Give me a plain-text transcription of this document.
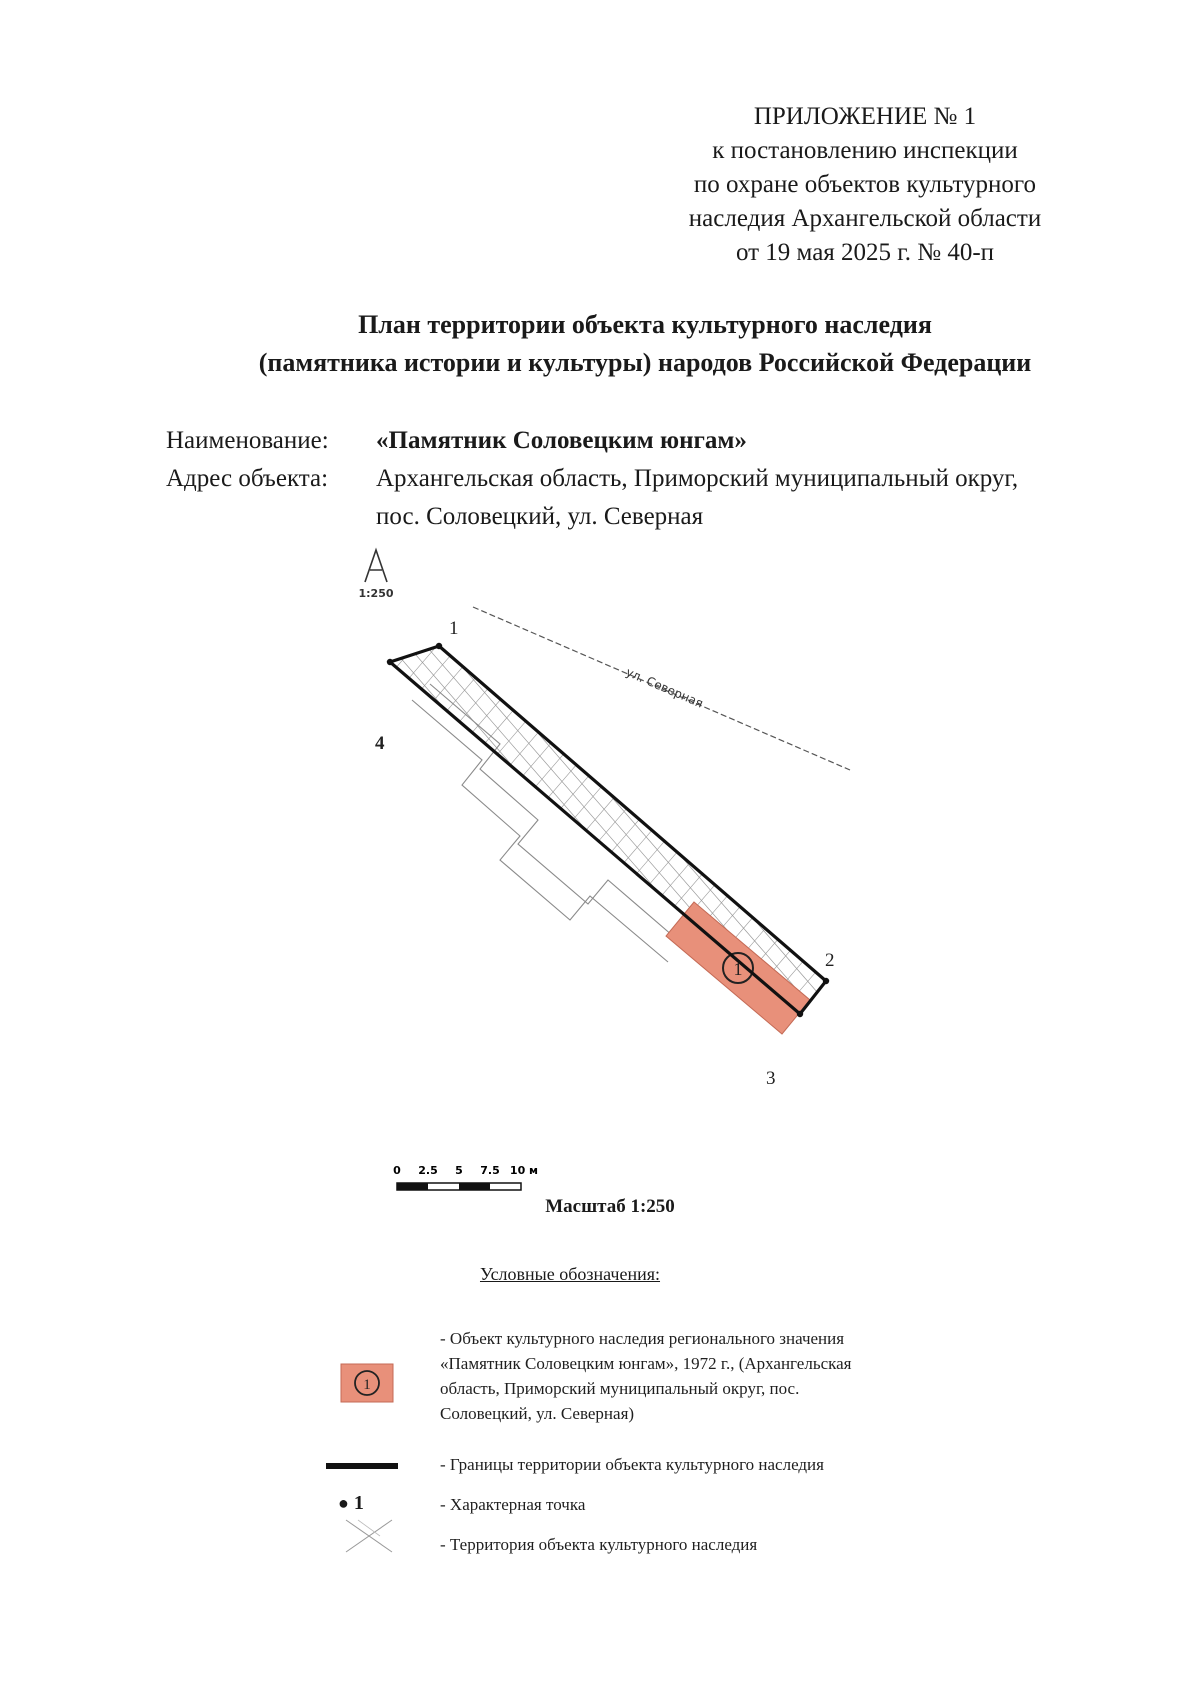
ПРИЛОЖЕНИЕ № 1
к постановлению инспекции
по охране объектов культурного
наследия Архангельской области
от 19 мая 2025 г. № 40-п
План территории объекта культурного наследия
(памятника истории и культуры) народов Российской Федерации
Наименование: «Памятник Соловецким юнгам»
Адрес объекта: Архангельская область, Приморский муниципальный округ,
пос. Соловецкий, ул. Северная
1:250
ул. Северная
1
1
2
3
4
0 2.5 5 7.5 10 м
Масштаб 1:250
Условные обозначения:
1
- Объект культурного наследия регионального значения
«Памятник Соловецким юнгам», 1972 г., (Архангельская
область, Приморский муниципальный округ, пос.
Соловецкий, ул. Северная)
- Границы территории объекта культурного наследия
● 1	- Характерная точка
- Территория объекта культурного наследия
